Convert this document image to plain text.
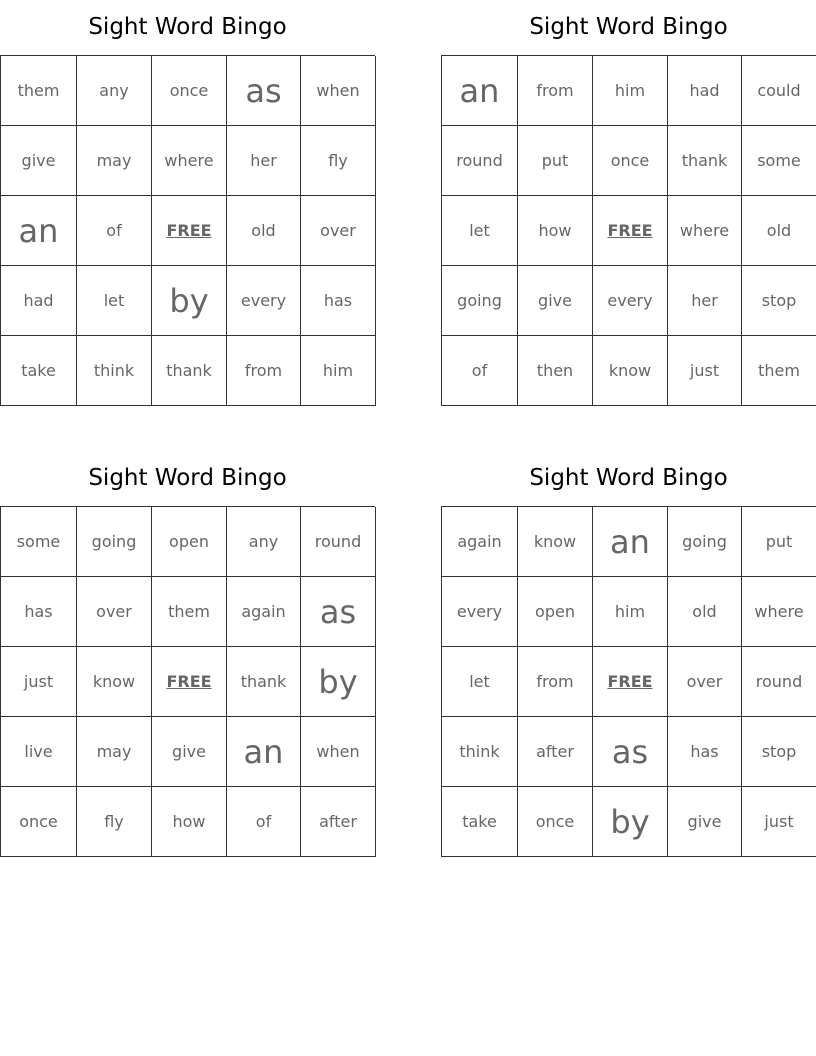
Sight Word Bingo
them	any	once	as	when
give	may	where	her	fly
an	of	FREE	old	over
had	let	by	every	has
take	think	thank	from	him
Sight Word Bingo
an	from	him	had	could
round	put	once	thank	some
let	how	FREE	where	old
going	give	every	her	stop
of	then	know	just	them
Sight Word Bingo
some	going	open	any	round
has	over	them	again	as
just	know	FREE	thank	by
live	may	give	an	when
once	fly	how	of	after
Sight Word Bingo
again	know	an	going	put
every	open	him	old	where
let	from	FREE	over	round
think	after	as	has	stop
take	once	by	give	just
